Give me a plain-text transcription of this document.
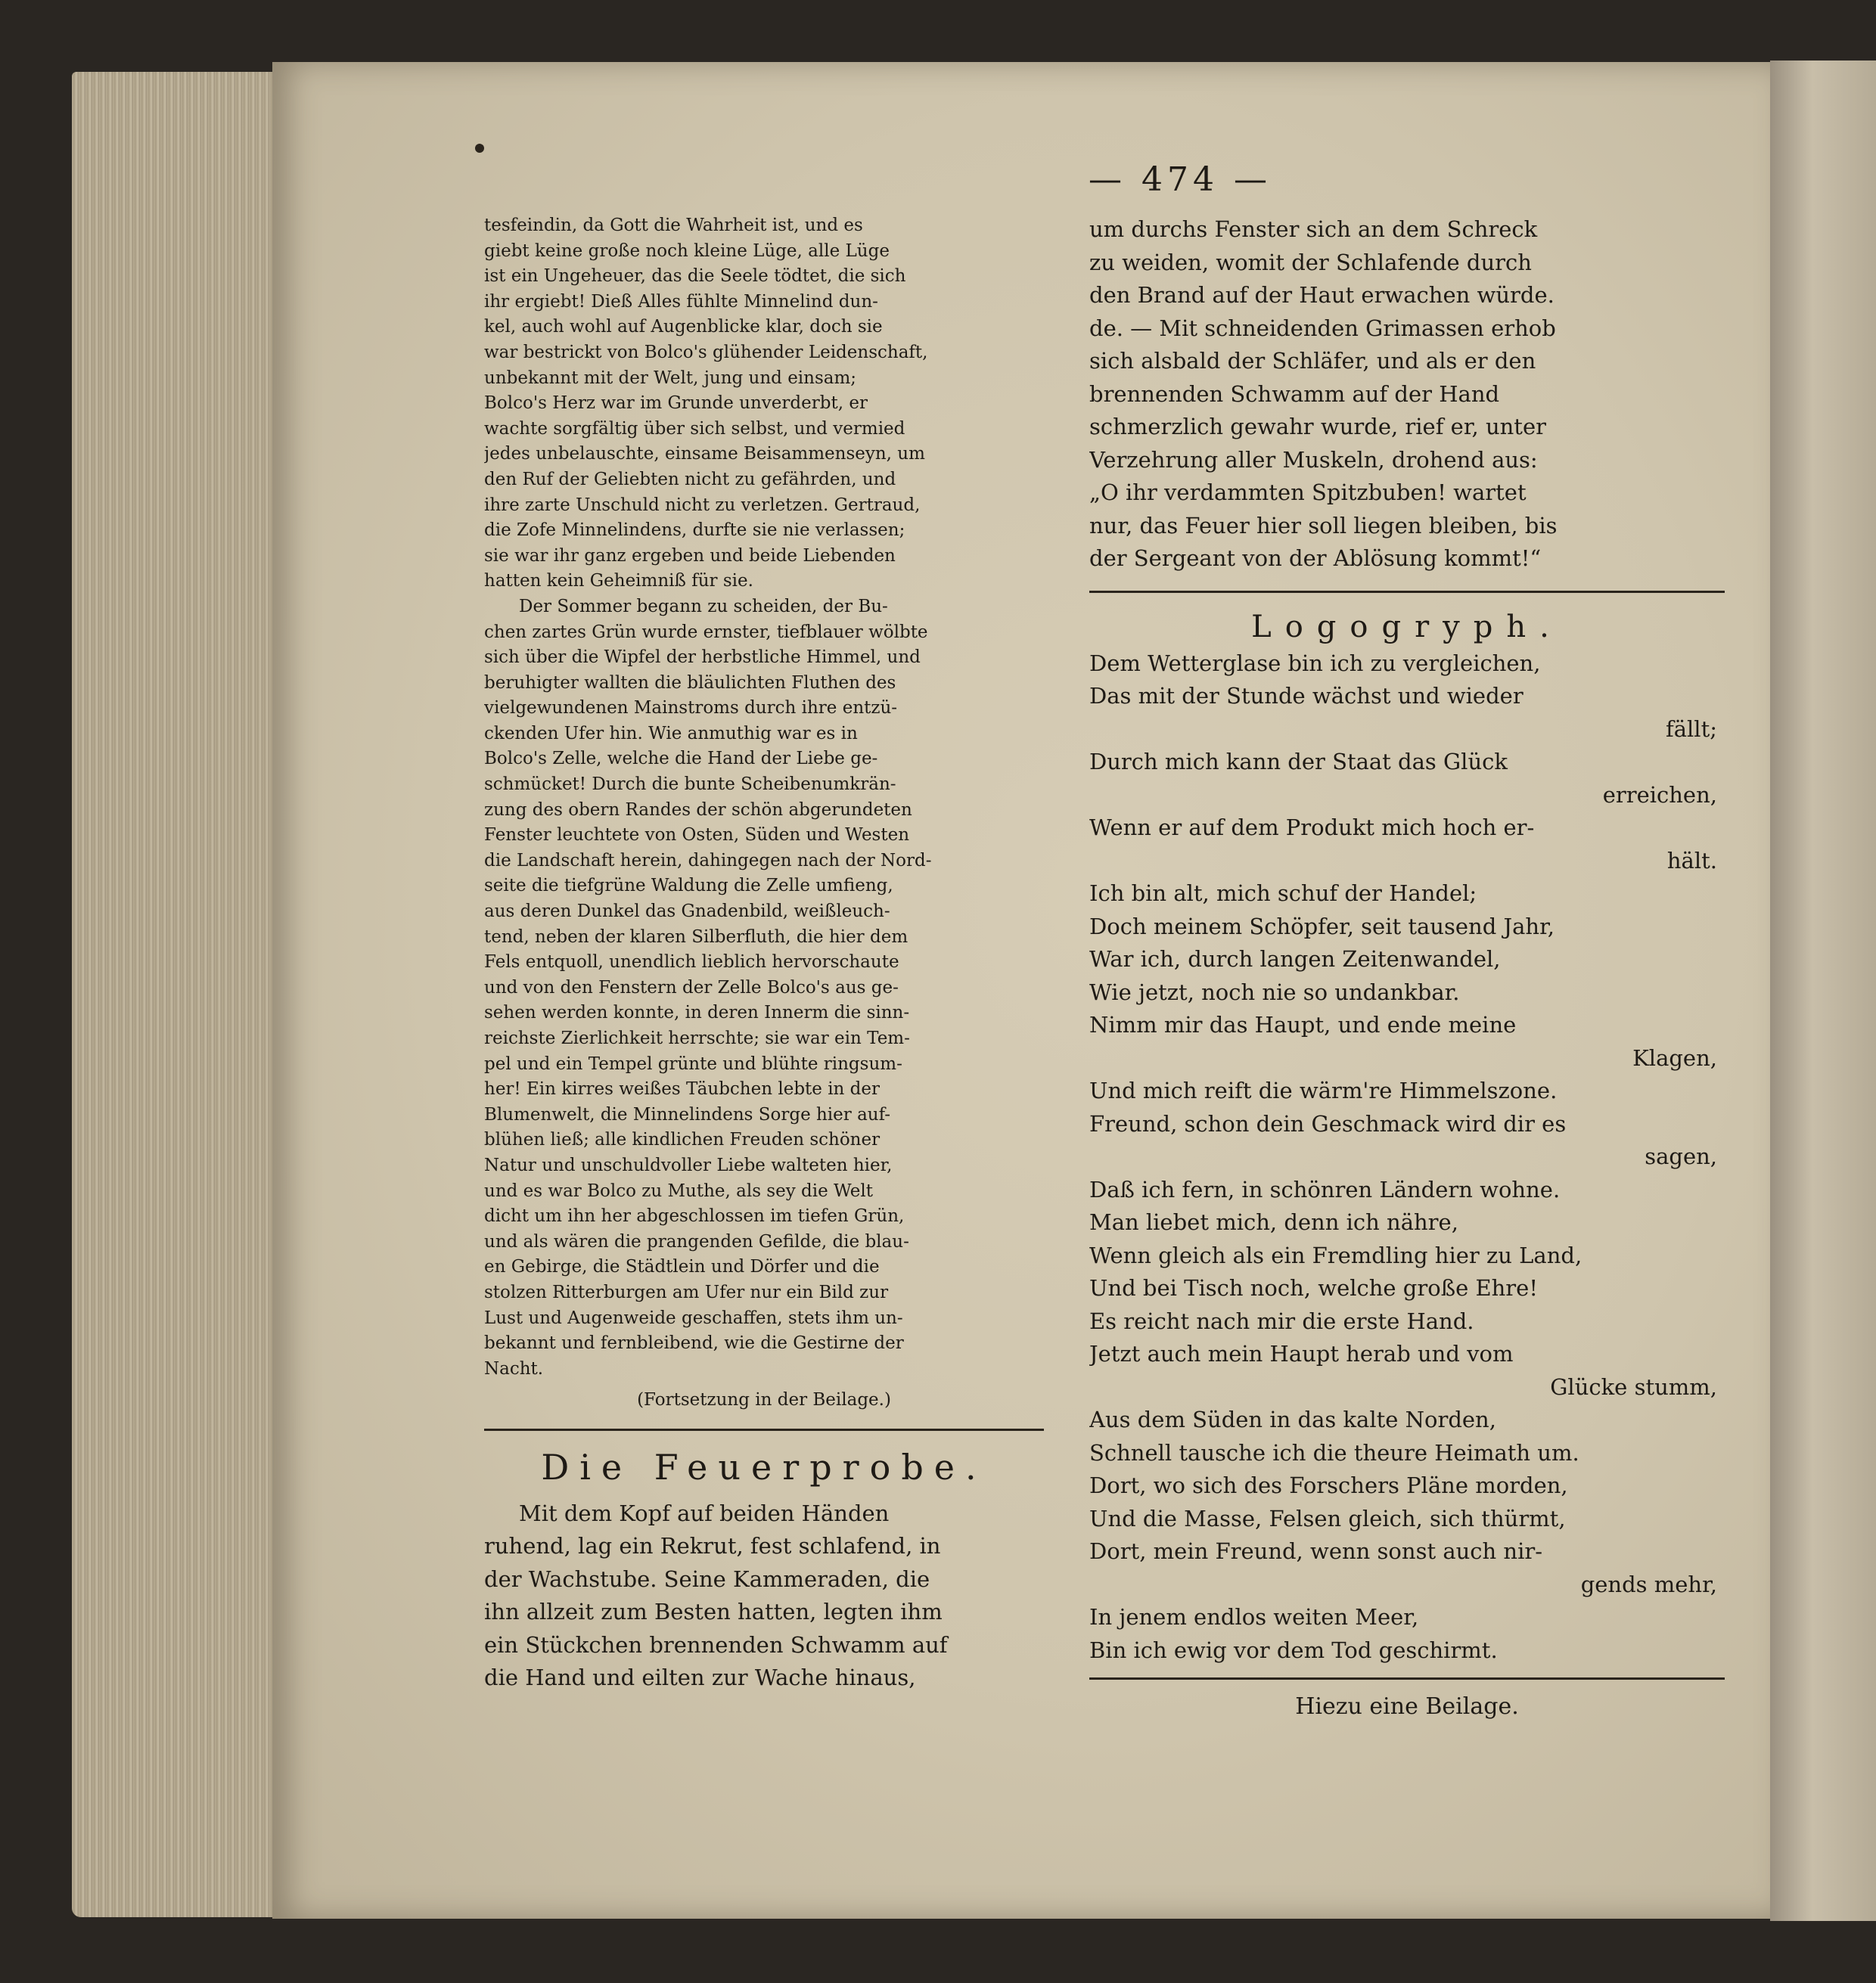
— 474 —
tesfeindin, da Gott die Wahrheit ist, und es
giebt keine große noch kleine Lüge, alle Lüge
ist ein Ungeheuer, das die Seele tödtet, die sich
ihr ergiebt! Dieß Alles fühlte Minnelind dun-
kel, auch wohl auf Augenblicke klar, doch sie
war bestrickt von Bolco's glühender Leidenschaft,
unbekannt mit der Welt, jung und einsam;
Bolco's Herz war im Grunde unverderbt, er
wachte sorgfältig über sich selbst, und vermied
jedes unbelauschte, einsame Beisammenseyn, um
den Ruf der Geliebten nicht zu gefährden, und
ihre zarte Unschuld nicht zu verletzen. Gertraud,
die Zofe Minnelindens, durfte sie nie verlassen;
sie war ihr ganz ergeben und beide Liebenden
hatten kein Geheimniß für sie.
Der Sommer begann zu scheiden, der Bu-
chen zartes Grün wurde ernster, tiefblauer wölbte
sich über die Wipfel der herbstliche Himmel, und
beruhigter wallten die bläulichten Fluthen des
vielgewundenen Mainstroms durch ihre entzü-
ckenden Ufer hin. Wie anmuthig war es in
Bolco's Zelle, welche die Hand der Liebe ge-
schmücket! Durch die bunte Scheibenumkrän-
zung des obern Randes der schön abgerundeten
Fenster leuchtete von Osten, Süden und Westen
die Landschaft herein, dahingegen nach der Nord-
seite die tiefgrüne Waldung die Zelle umfieng,
aus deren Dunkel das Gnadenbild, weißleuch-
tend, neben der klaren Silberfluth, die hier dem
Fels entquoll, unendlich lieblich hervorschaute
und von den Fenstern der Zelle Bolco's aus ge-
sehen werden konnte, in deren Innerm die sinn-
reichste Zierlichkeit herrschte; sie war ein Tem-
pel und ein Tempel grünte und blühte ringsum-
her! Ein kirres weißes Täubchen lebte in der
Blumenwelt, die Minnelindens Sorge hier auf-
blühen ließ; alle kindlichen Freuden schöner
Natur und unschuldvoller Liebe walteten hier,
und es war Bolco zu Muthe, als sey die Welt
dicht um ihn her abgeschlossen im tiefen Grün,
und als wären die prangenden Gefilde, die blau-
en Gebirge, die Städtlein und Dörfer und die
stolzen Ritterburgen am Ufer nur ein Bild zur
Lust und Augenweide geschaffen, stets ihm un-
bekannt und fernbleibend, wie die Gestirne der
Nacht.
(Fortsetzung in der Beilage.)
Die Feuerprobe.
Mit dem Kopf auf beiden Händen
ruhend, lag ein Rekrut, fest schlafend, in
der Wachstube. Seine Kammeraden, die
ihn allzeit zum Besten hatten, legten ihm
ein Stückchen brennenden Schwamm auf
die Hand und eilten zur Wache hinaus,
um durchs Fenster sich an dem Schreck
zu weiden, womit der Schlafende durch
den Brand auf der Haut erwachen würde.
de. — Mit schneidenden Grimassen erhob
sich alsbald der Schläfer, und als er den
brennenden Schwamm auf der Hand
schmerzlich gewahr wurde, rief er, unter
Verzehrung aller Muskeln, drohend aus:
„O ihr verdammten Spitzbuben! wartet
nur, das Feuer hier soll liegen bleiben, bis
der Sergeant von der Ablösung kommt!“
Logogryph.
Dem Wetterglase bin ich zu vergleichen,
Das mit der Stunde wächst und wieder
fällt;
Durch mich kann der Staat das Glück
erreichen,
Wenn er auf dem Produkt mich hoch er-
hält.
Ich bin alt, mich schuf der Handel;
Doch meinem Schöpfer, seit tausend Jahr,
War ich, durch langen Zeitenwandel,
Wie jetzt, noch nie so undankbar.
Nimm mir das Haupt, und ende meine
Klagen,
Und mich reift die wärm're Himmelszone.
Freund, schon dein Geschmack wird dir es
sagen,
Daß ich fern, in schönren Ländern wohne.
Man liebet mich, denn ich nähre,
Wenn gleich als ein Fremdling hier zu Land,
Und bei Tisch noch, welche große Ehre!
Es reicht nach mir die erste Hand.
Jetzt auch mein Haupt herab und vom
Glücke stumm,
Aus dem Süden in das kalte Norden,
Schnell tausche ich die theure Heimath um.
Dort, wo sich des Forschers Pläne morden,
Und die Masse, Felsen gleich, sich thürmt,
Dort, mein Freund, wenn sonst auch nir-
gends mehr,
In jenem endlos weiten Meer,
Bin ich ewig vor dem Tod geschirmt.
Hiezu eine Beilage.
